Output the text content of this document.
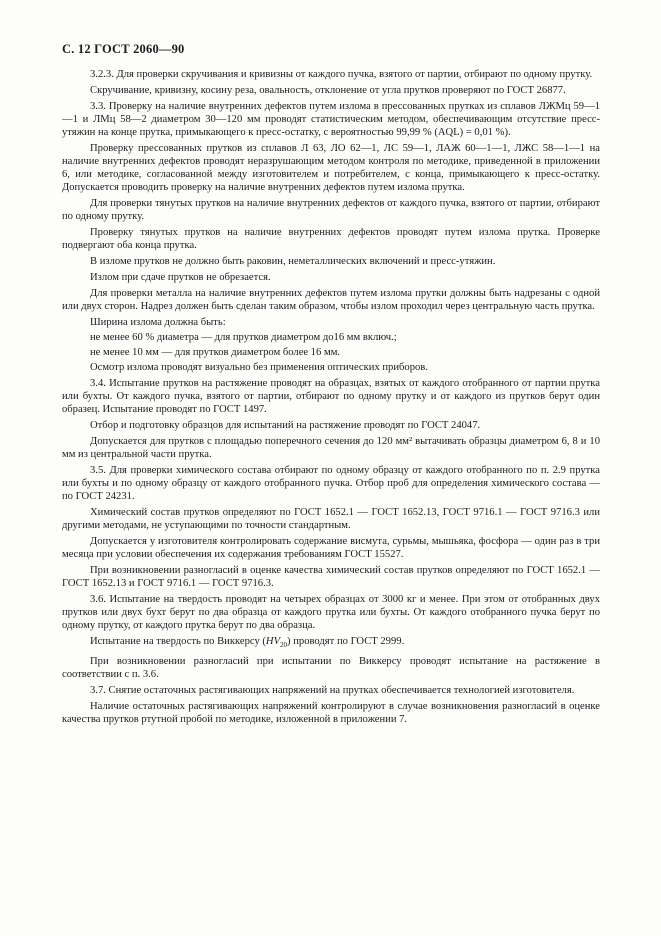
С. 12 ГОСТ 2060—90

3.2.3. Для проверки скручивания и кривизны от каждого пучка, взятого от партии, отбирают по одному прутку.

Скручивание, кривизну, косину реза, овальность, отклонение от угла прутков проверяют по ГОСТ 26877.

3.3. Проверку на наличие внутренних дефектов путем излома в прессованных прутках из сплавов ЛЖМц 59—1—1 и ЛМц 58—2 диаметром 30—120 мм проводят статистическим методом, обеспечивающим отсутствие пресс-утяжин на конце прутка, примыкающего к пресс-остатку, с вероятностью 99,99 % (AQL) = 0,01 %).

Проверку прессованных прутков из сплавов Л 63, ЛО 62—1, ЛС 59—1, ЛАЖ 60—1—1, ЛЖС 58—1—1 на наличие внутренних дефектов проводят неразрушающим методом контроля по методике, приведенной в приложении 6, или методике, согласованной между изготовителем и потребителем, с конца, примыкающего к пресс-остатку. Допускается проводить проверку на наличие внутренних дефектов путем излома прутка.

Для проверки тянутых прутков на наличие внутренних дефектов от каждого пучка, взятого от партии, отбирают по одному прутку.

Проверку тянутых прутков на наличие внутренних дефектов проводят путем излома прутка. Проверке подвергают оба конца прутка.

В изломе прутков не должно быть раковин, неметаллических включений и пресс-утяжин.

Излом при сдаче прутков не обрезается.

Для проверки металла на наличие внутренних дефектов путем излома прутки должны быть надрезаны с одной или двух сторон. Надрез должен быть сделан таким образом, чтобы излом проходил через центральную часть прутка.

Ширина излома должна быть:

не менее 60 % диаметра — для прутков диаметром до16 мм включ.;

не менее 10 мм — для прутков диаметром более 16 мм.

Осмотр излома проводят визуально без применения оптических приборов.

3.4. Испытание прутков на растяжение проводят на образцах, взятых от каждого отобранного от партии прутка или бухты. От каждого пучка, взятого от партии, отбирают по одному прутку и от каждого из прутков берут один образец. Испытание проводят по ГОСТ 1497.

Отбор и подготовку образцов для испытаний на растяжение проводят по ГОСТ 24047.

Допускается для прутков с площадью поперечного сечения до 120 мм² вытачивать образцы диаметром 6, 8 и 10 мм из центральной части прутка.

3.5. Для проверки химического состава отбирают по одному образцу от каждого отобранного по п. 2.9 прутка или бухты и по одному образцу от каждого отобранного пучка. Отбор проб для определения химического состава — по ГОСТ 24231.

Химический состав прутков определяют по ГОСТ 1652.1 — ГОСТ 1652.13, ГОСТ 9716.1 — ГОСТ 9716.3 или другими методами, не уступающими по точности стандартным.

Допускается у изготовителя контролировать содержание висмута, сурьмы, мышьяка, фосфора — один раз в три месяца при условии обеспечения их содержания требованиям ГОСТ 15527.

При возникновении разногласий в оценке качества химический состав прутков определяют по ГОСТ 1652.1 — ГОСТ 1652.13 и ГОСТ 9716.1 — ГОСТ 9716.3.

3.6. Испытание на твердость проводят на четырех образцах от 3000 кг и менее. При этом от отобранных двух прутков или двух бухт берут по два образца от каждого прутка или бухты. От каждого отобранного пучка берут по одному прутку, от каждого прутка берут по два образца.

Испытание на твердость по Виккерсу $(HV_{20})$ проводят по ГОСТ 2999.

При возникновении разногласий при испытании по Виккерсу проводят испытание на растяжение в соответствии с п. 3.6.

3.7. Снятие остаточных растягивающих напряжений на прутках обеспечивается технологией изготовителя.

Наличие остаточных растягивающих напряжений контролируют в случае возникновения разногласий в оценке качества прутков ртутной пробой по методике, изложенной в приложении 7.
